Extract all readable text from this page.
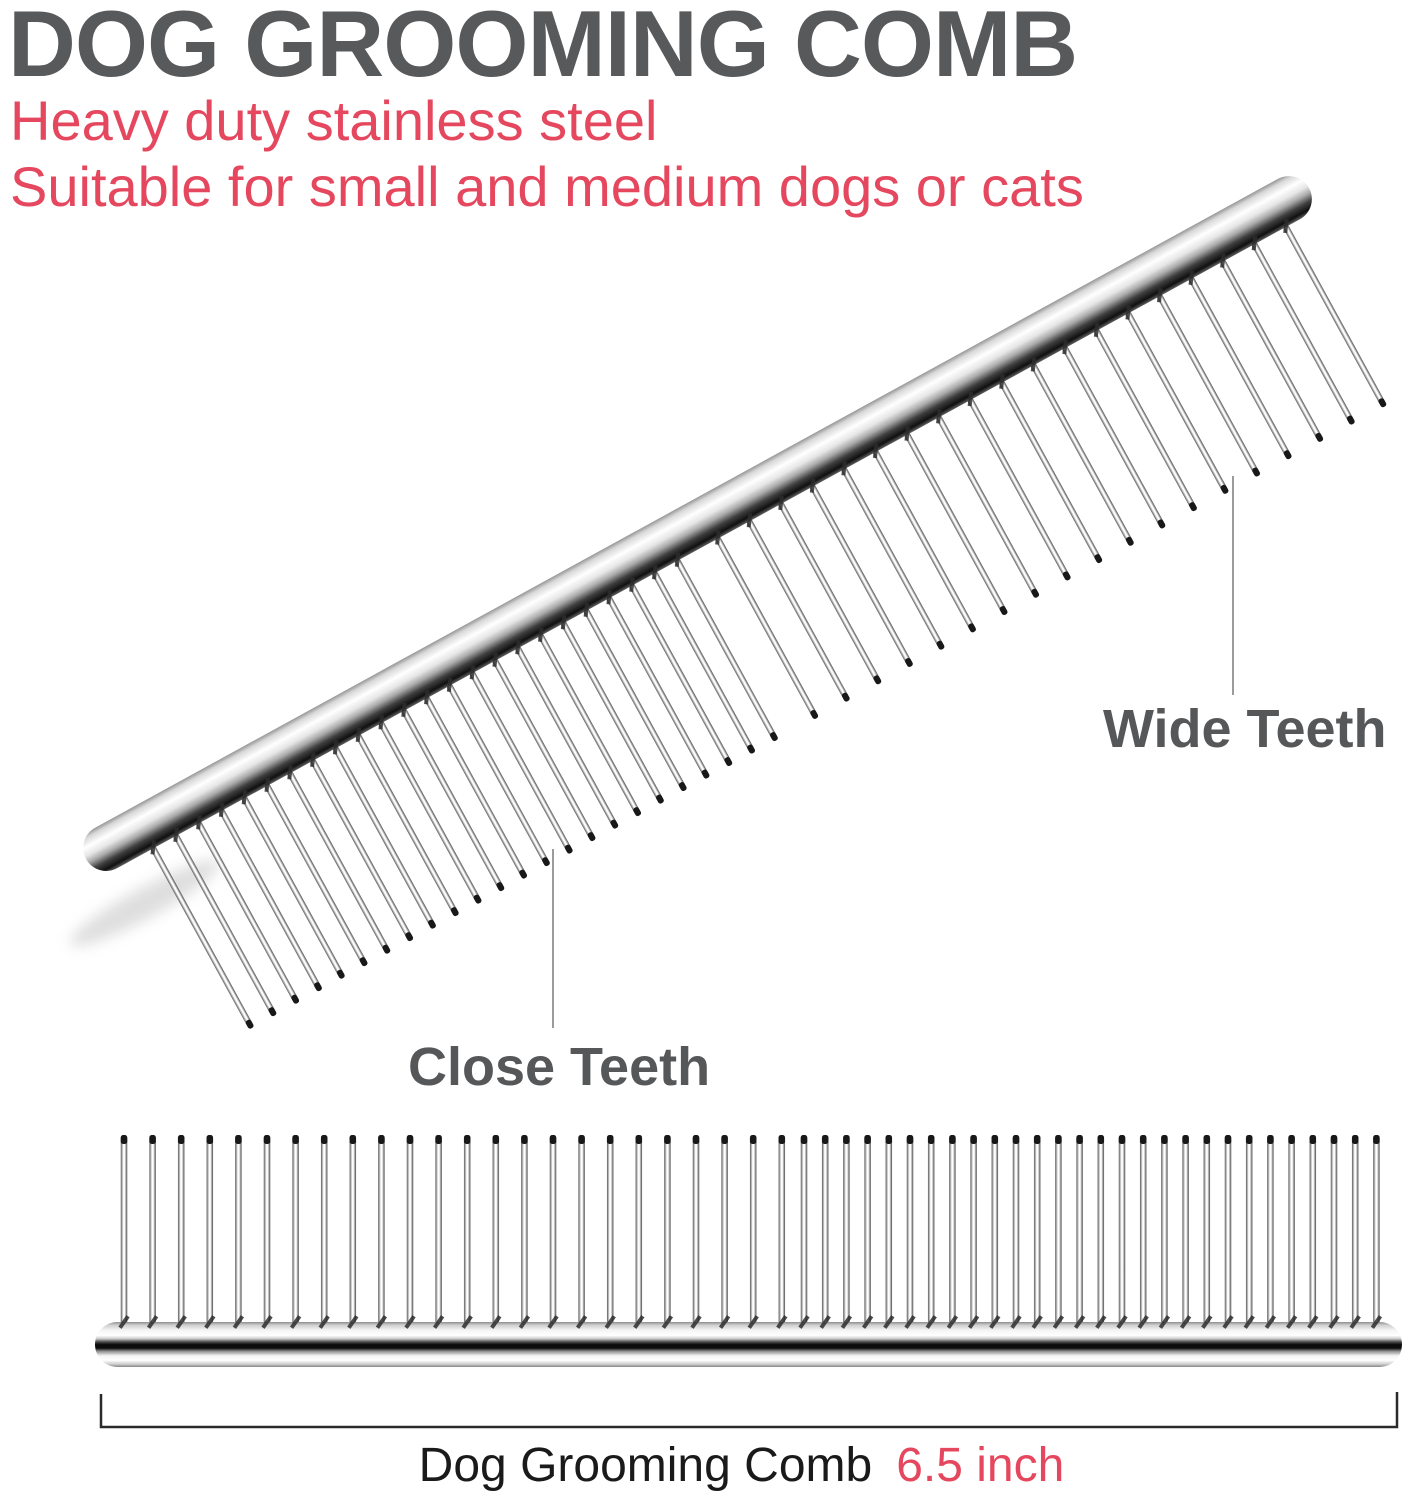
DOG GROOMING COMB
Heavy duty stainless steel
Suitable for small and medium dogs or cats
Wide Teeth
Close Teeth
Dog Grooming Comb 6.5 inch
